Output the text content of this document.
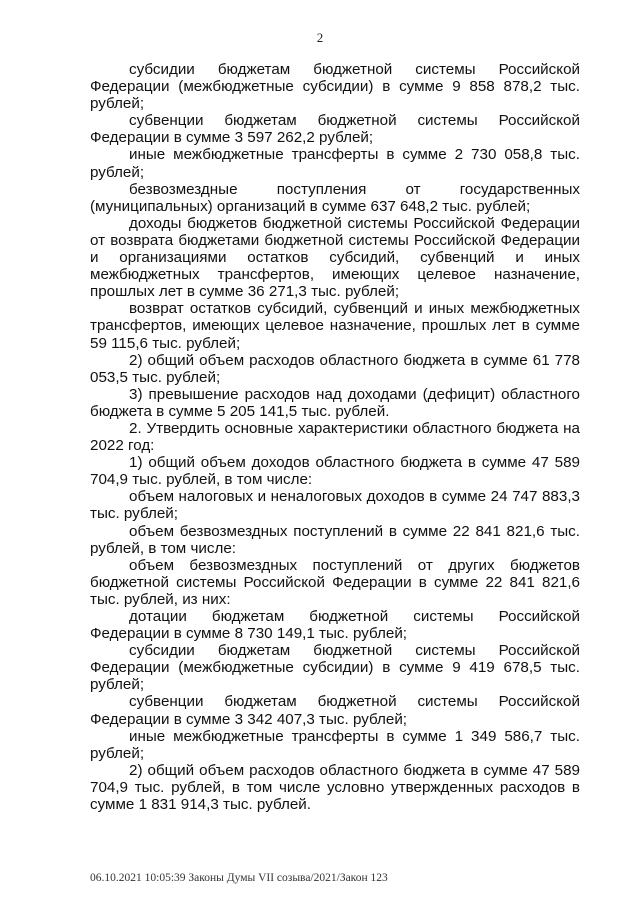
2

субсидии бюджетам бюджетной системы Российской Федерации (межбюджетные субсидии) в сумме 9 858 878,2 тыс. рублей;

субвенции бюджетам бюджетной системы Российской Федерации в сумме 3 597 262,2 рублей;

иные межбюджетные трансферты в сумме 2 730 058,8 тыс. рублей;

безвозмездные поступления от государственных (муниципальных) организаций в сумме 637 648,2 тыс. рублей;

доходы бюджетов бюджетной системы Российской Федерации от возврата бюджетами бюджетной системы Российской Федерации и организациями остатков субсидий, субвенций и иных межбюджетных трансфертов, имеющих целевое назначение, прошлых лет в сумме 36 271,3 тыс. рублей;

возврат остатков субсидий, субвенций и иных межбюджетных трансфертов, имеющих целевое назначение, прошлых лет в сумме 59 115,6 тыс. рублей;

2) общий объем расходов областного бюджета в сумме 61 778 053,5 тыс. рублей;

3) превышение расходов над доходами (дефицит) областного бюджета в сумме 5 205 141,5 тыс. рублей.

2. Утвердить основные характеристики областного бюджета на 2022 год:

1) общий объем доходов областного бюджета в сумме 47 589 704,9 тыс. рублей, в том числе:

объем налоговых и неналоговых доходов в сумме 24 747 883,3 тыс. рублей;

объем безвозмездных поступлений в сумме 22 841 821,6 тыс. рублей, в том числе:

объем безвозмездных поступлений от других бюджетов бюджетной системы Российской Федерации в сумме 22 841 821,6 тыс. рублей, из них:

дотации бюджетам бюджетной системы Российской Федерации в сумме 8 730 149,1 тыс. рублей;

субсидии бюджетам бюджетной системы Российской Федерации (межбюджетные субсидии) в сумме 9 419 678,5 тыс. рублей;

субвенции бюджетам бюджетной системы Российской Федерации в сумме 3 342 407,3 тыс. рублей;

иные межбюджетные трансферты в сумме 1 349 586,7 тыс. рублей;

2) общий объем расходов областного бюджета в сумме 47 589 704,9 тыс. рублей, в том числе условно утвержденных расходов в сумме 1 831 914,3 тыс. рублей.

06.10.2021 10:05:39 Законы Думы VII созыва/2021/Закон 123
